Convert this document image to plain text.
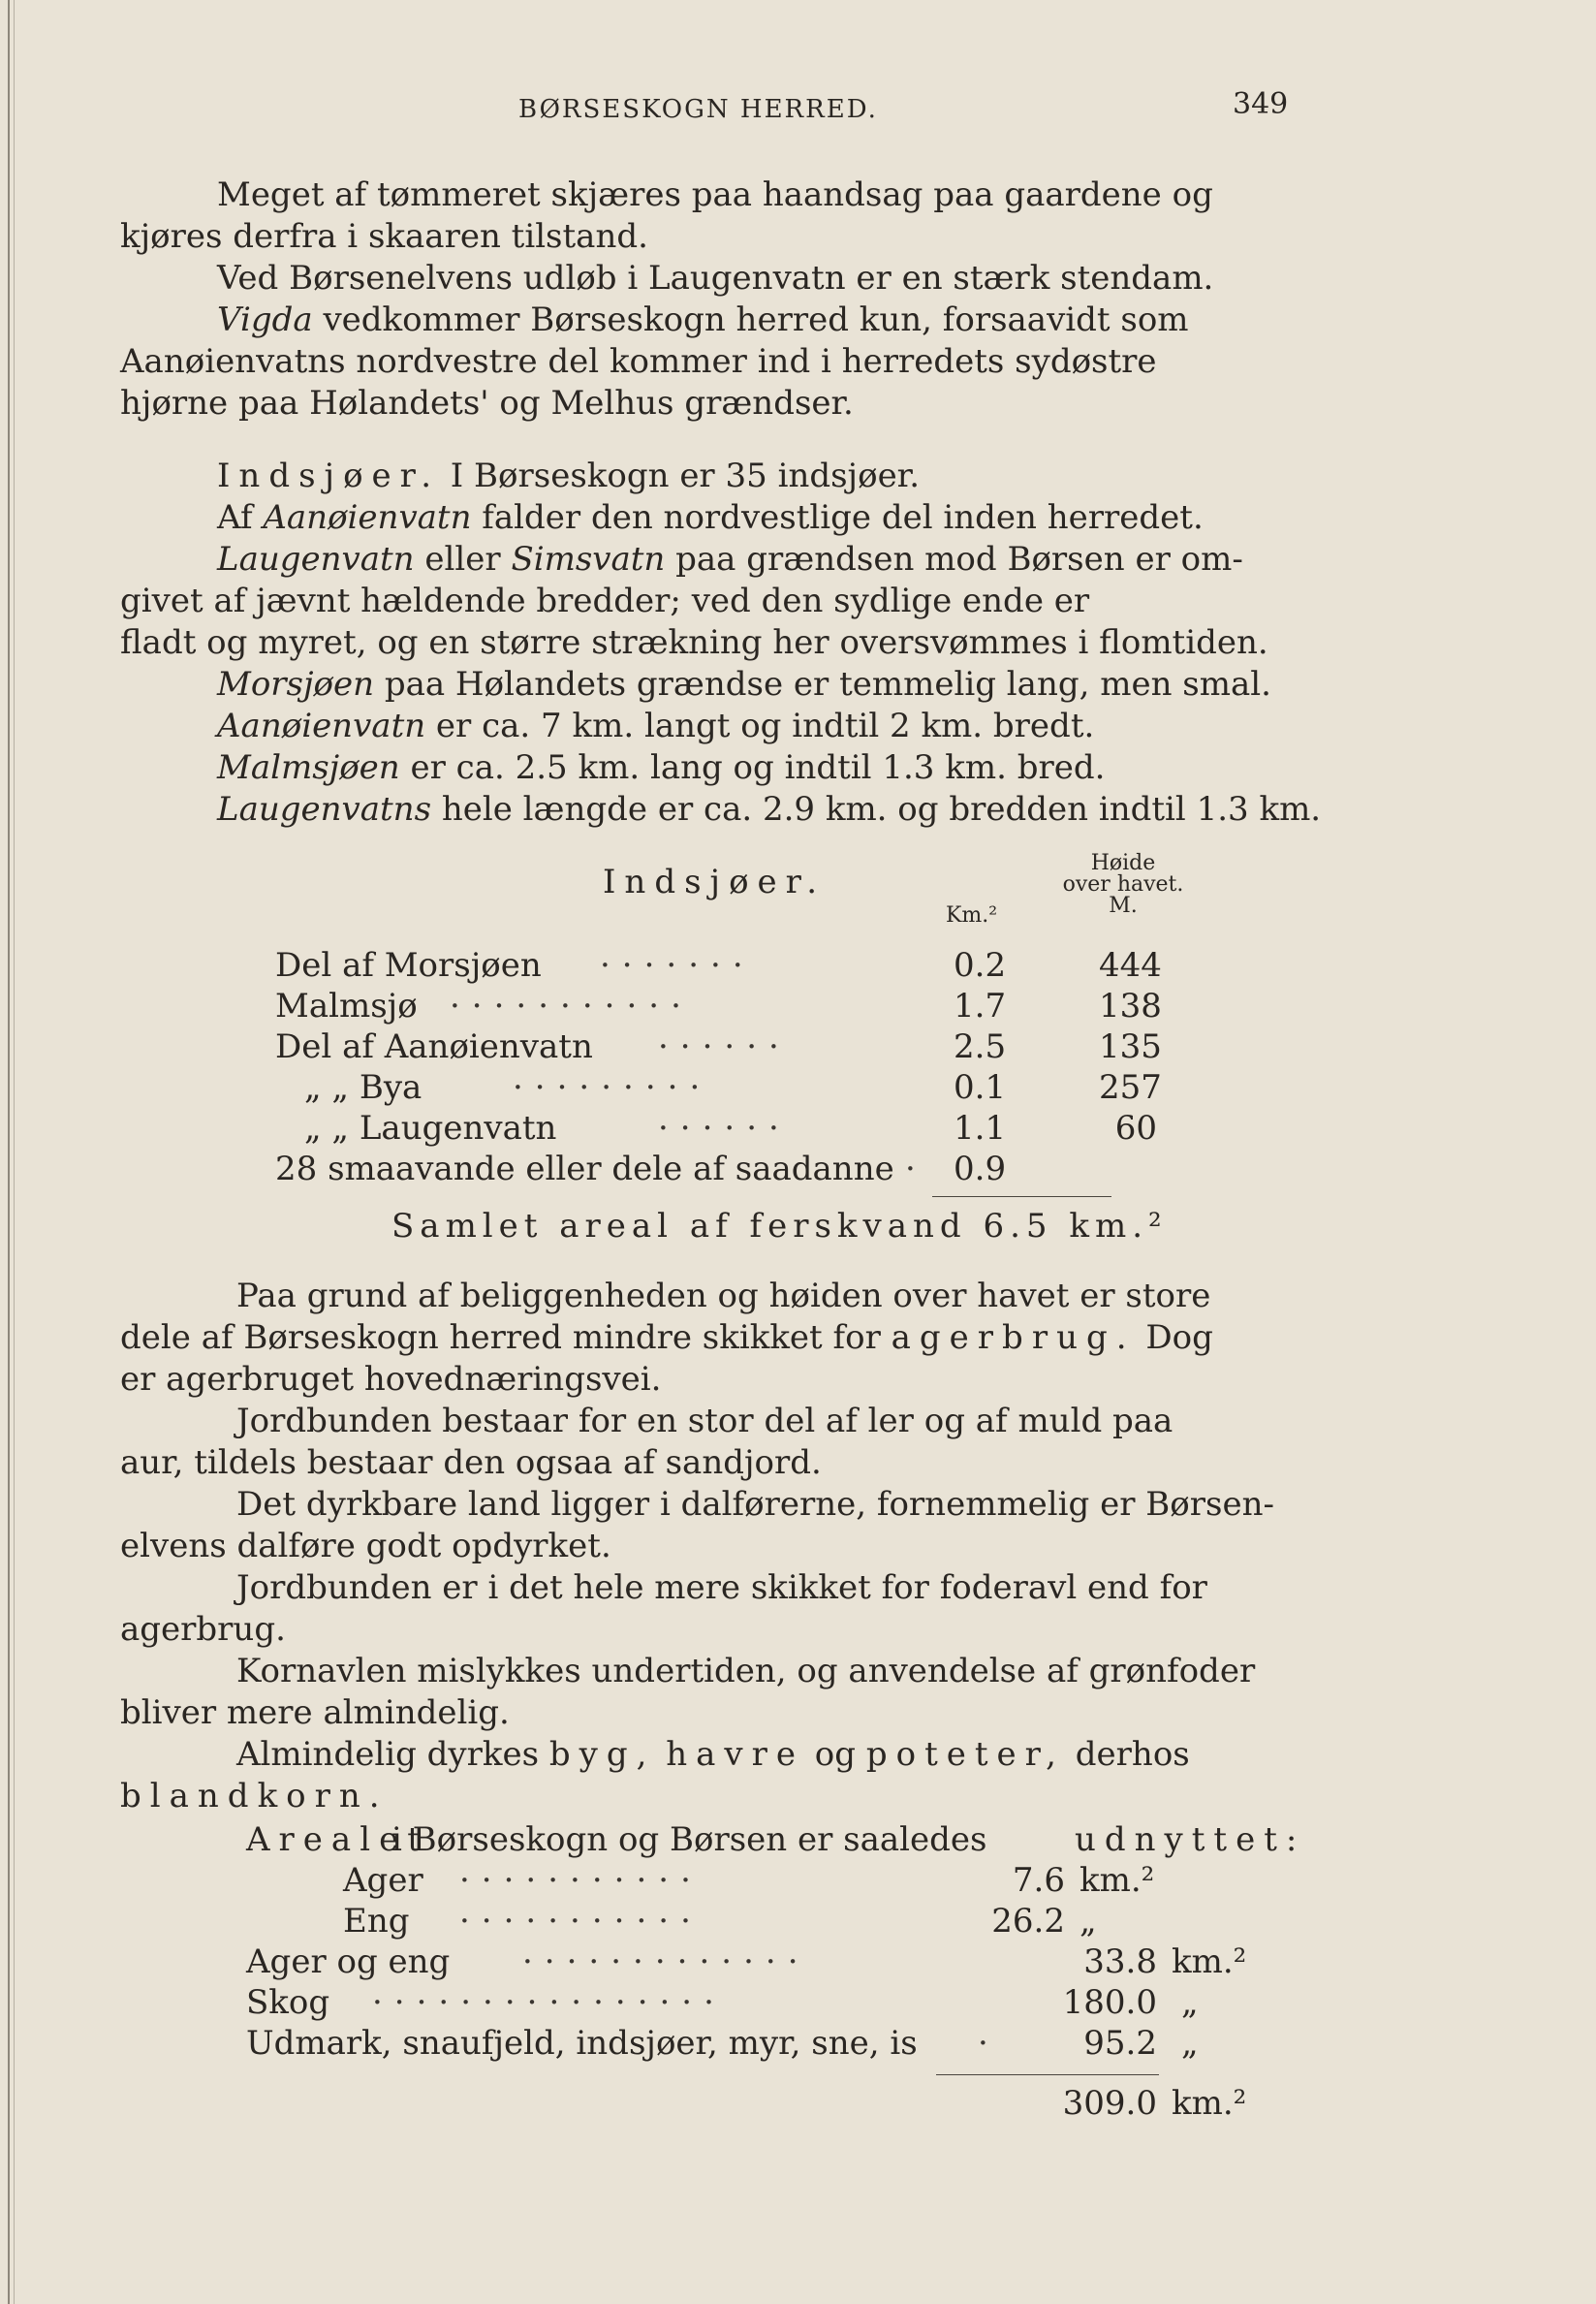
BØRSESKOGN HERRED.	349
Meget af tømmeret skjæres paa haandsag paa gaardene og
kjøres derfra i skaaren tilstand.
Ved Børsenelvens udløb i Laugenvatn er en stærk stendam.
Vigda vedkommer Børseskogn herred kun, forsaavidt som
Aanøienvatns nordvestre del kommer ind i herredets sydøstre
hjørne paa Hølandets' og Melhus grændser.
Indsjøer. I Børseskogn er 35 indsjøer.
Af Aanøienvatn falder den nordvestlige del inden herredet.
Laugenvatn eller Simsvatn paa grændsen mod Børsen er om-
givet af jævnt hældende bredder; ved den sydlige ende er
fladt og myret, og en større strækning her oversvømmes i flomtiden.
Morsjøen paa Hølandets grændse er temmelig lang, men smal.
Aanøienvatn er ca. 7 km. langt og indtil 2 km. bredt.
Malmsjøen er ca. 2.5 km. lang og indtil 1.3 km. bred.
Laugenvatns hele længde er ca. 2.9 km. og bredden indtil 1.3 km.
Indsjøer.	Høide
over havet.
M.
Km.²
Del af Morsjøen ·······	0.2	444
Malmsjø ···········	1.7	138
Del af Aanøienvatn ······	2.5	135
„ „ Bya	·········	0.1	257
„ „ Laugenvatn	······	1.1	60
28 smaavande eller dele af saadanne · 0.9
Samlet areal af ferskvand 6.5 km.²
Paa grund af beliggenheden og høiden over havet er store
dele af Børseskogn herred mindre skikket for agerbrug. Dog
er agerbruget hovednæringsvei.
Jordbunden bestaar for en stor del af ler og af muld paa
aur, tildels bestaar den ogsaa af sandjord.
Det dyrkbare land ligger i dalførerne, fornemmelig er Børsen-
elvens dalføre godt opdyrket.
Jordbunden er i det hele mere skikket for foderavl end for
agerbrug.
Kornavlen mislykkes undertiden, og anvendelse af grønfoder
bliver mere almindelig.
Almindelig dyrkes byg, havre og poteter, derhos
blandkorn.
Arealet
i Børseskogn og Børsen er saaledes	udnyttet:
Ager ···········	7.6 km.²
Eng ···········	26.2 „
Ager og eng ·············	33.8 km.²
Skog ················	180.0 „
Udmark, snaufjeld, indsjøer, myr, sne, is ·	95.2 „
309.0 km.²
